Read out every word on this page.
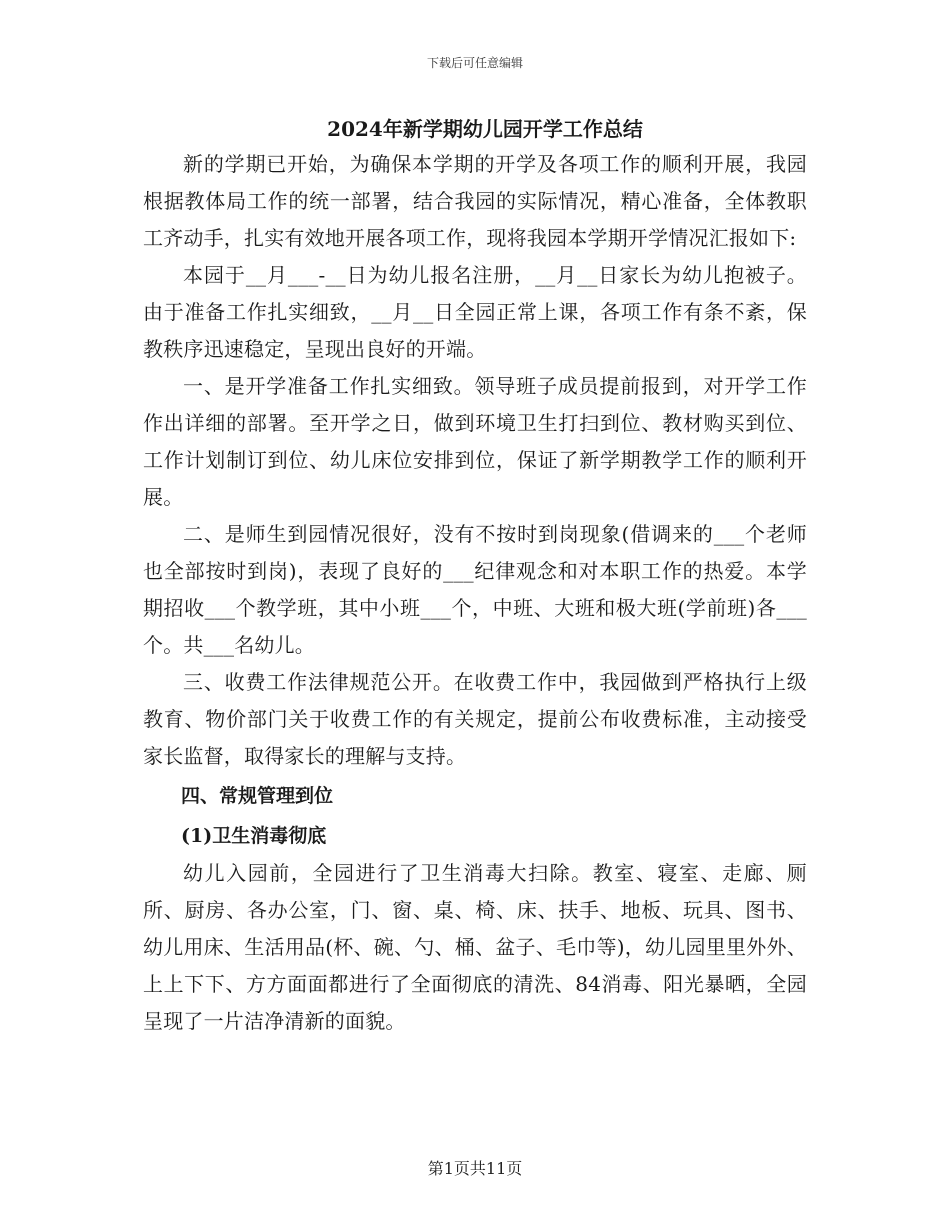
下载后可任意编辑
2024年新学期幼儿园开学工作总结

新的学期已开始，为确保本学期的开学及各项工作的顺利开展，我园根据教体局工作的统一部署，结合我园的实际情况，精心准备，全体教职工齐动手，扎实有效地开展各项工作，现将我园本学期开学情况汇报如下:

本园于__月___-__日为幼儿报名注册，__月__日家长为幼儿抱被子。由于准备工作扎实细致，__月__日全园正常上课，各项工作有条不紊，保教秩序迅速稳定，呈现出良好的开端。

一、是开学准备工作扎实细致。领导班子成员提前报到，对开学工作作出详细的部署。至开学之日，做到环境卫生打扫到位、教材购买到位、工作计划制订到位、幼儿床位安排到位，保证了新学期教学工作的顺利开展。

二、是师生到园情况很好，没有不按时到岗现象(借调来的___个老师也全部按时到岗)，表现了良好的___纪律观念和对本职工作的热爱。本学期招收___个教学班，其中小班___个，中班、大班和极大班(学前班)各___个。共___名幼儿。

三、收费工作法律规范公开。在收费工作中，我园做到严格执行上级教育、物价部门关于收费工作的有关规定，提前公布收费标准，主动接受家长监督，取得家长的理解与支持。

四、常规管理到位
(1)卫生消毒彻底

幼儿入园前，全园进行了卫生消毒大扫除。教室、寝室、走廊、厕所、厨房、各办公室，门、窗、桌、椅、床、扶手、地板、玩具、图书、幼儿用床、生活用品(杯、碗、勺、桶、盆子、毛巾等)，幼儿园里里外外、上上下下、方方面面都进行了全面彻底的清洗、84消毒、阳光暴晒，全园呈现了一片洁净清新的面貌。

第1页共11页
